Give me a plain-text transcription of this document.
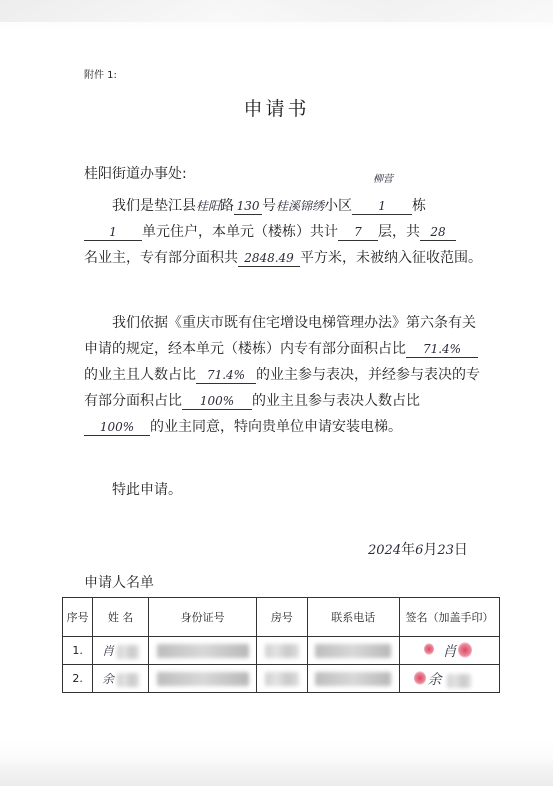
附件 1:
申请书
桂阳街道办事处:	柳营
我们是垫江县桂阳路 130 号桂溪锦绣小区 1 栋
1 单元住户，本单元（楼栋）共计 7 层，共 28
名业主，专有部分面积共 2848.49 平方米，未被纳入征收范围。
我们依据《重庆市既有住宅增设电梯管理办法》第六条有关申请的规定，经本单元（楼栋）内专有部分面积占比 71.4%的业主且人数占比 71.4% 的业主参与表决，并经参与表决的专有部分面积占比 100% 的业主且参与表决人数占比100% 的业主同意，特向贵单位申请安装电梯。
特此申请。
2024年6月23日
申请人名单
序号	姓 名	身份证号	房号	联系电话	签名（加盖手印）
1.	肖				肖

2.	余				余
